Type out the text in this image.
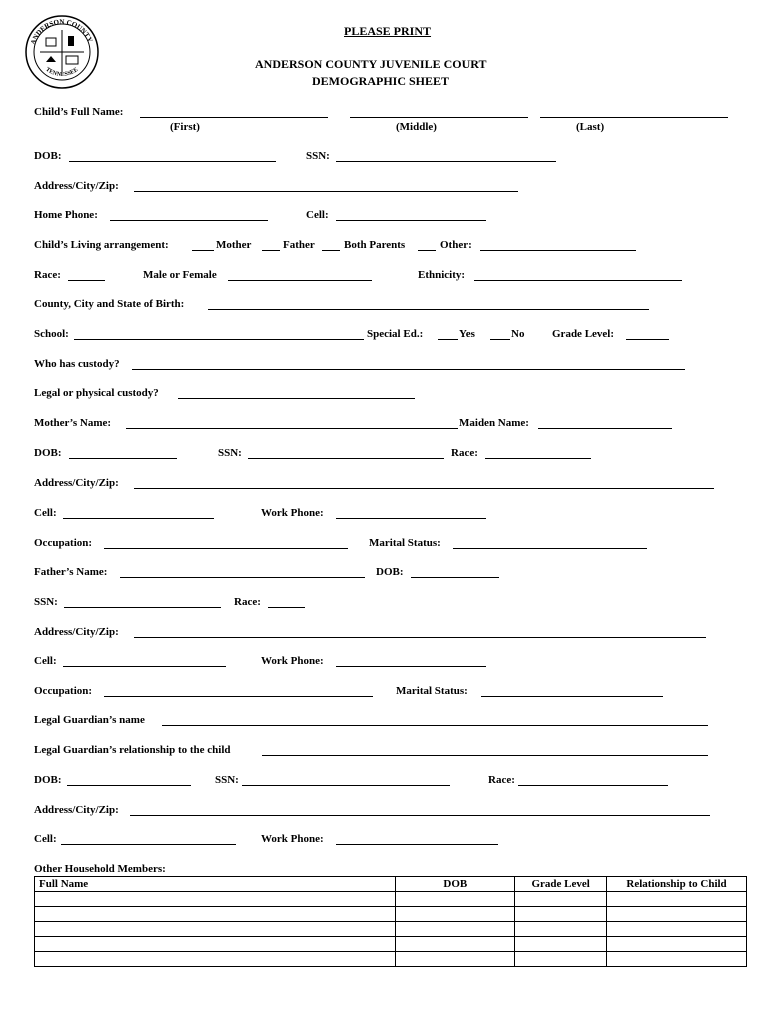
ANDERSON COUNTY
TENNESSEE
PLEASE PRINT
ANDERSON COUNTY JUVENILE COURT
DEMOGRAPHIC SHEET
Child’s Full Name:
(First)	(Middle)	(Last)
DOB:	SSN:
Address/City/Zip:
Home Phone:	Cell:
Child’s Living arrangement:	Mother	Father	Both Parents	Other:
Race:	Male or Female	Ethnicity:
County, City and State of Birth:
School:	Special Ed.:	Yes	No	Grade Level:
Who has custody?
Legal or physical custody?
Mother’s Name:	Maiden Name:
DOB:	SSN:	Race:
Address/City/Zip:
Cell:	Work Phone:
Occupation:	Marital Status:
Father’s Name:	DOB:
SSN:	Race:
Address/City/Zip:
Cell:	Work Phone:
Occupation:	Marital Status:
Legal Guardian’s name
Legal Guardian’s relationship to the child
DOB:	SSN:	Race:
Address/City/Zip:
Cell:	Work Phone:
Other Household Members:
Full Name	DOB	Grade Level	Relationship to Child
